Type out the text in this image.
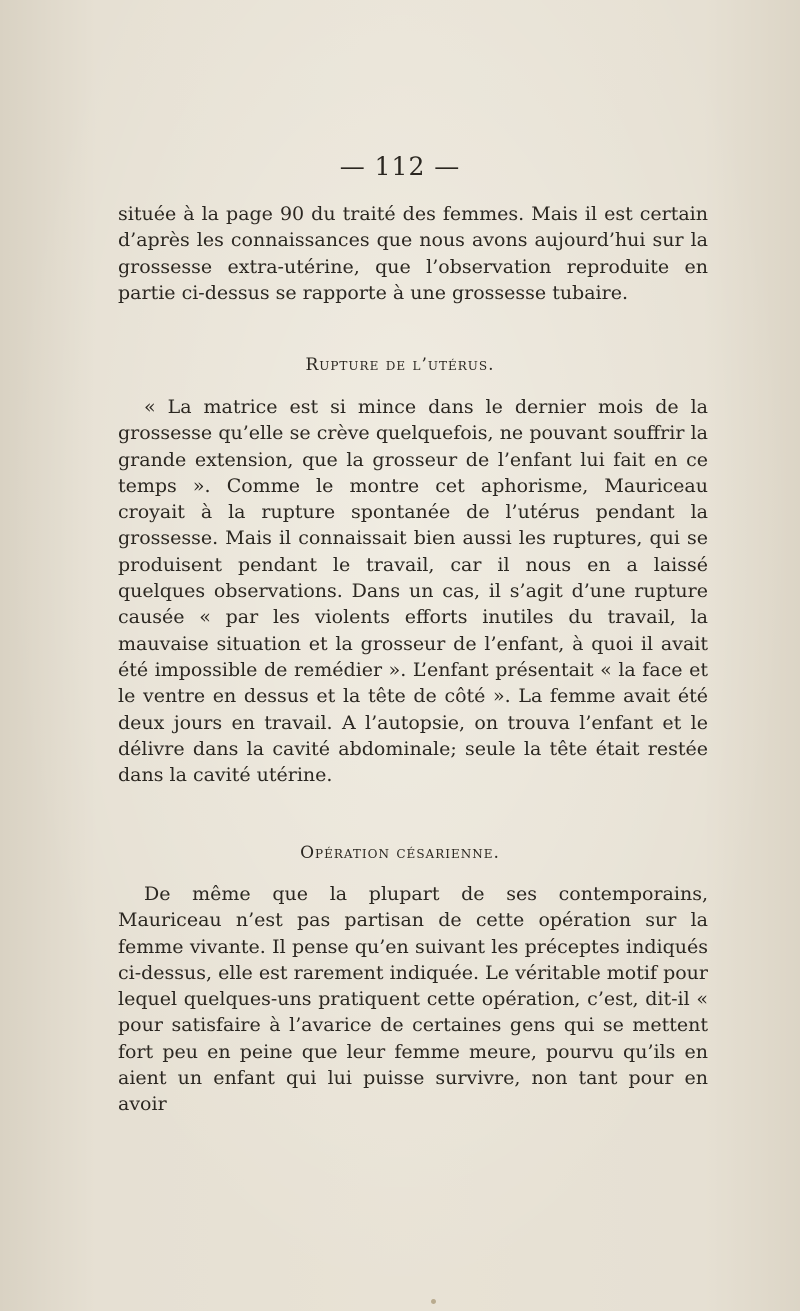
— 112 —

située à la page 90 du traité des femmes. Mais il est certain d’après les connaissances que nous avons aujourd’hui sur la grossesse extra-utérine, que l’observation reproduite en partie ci-dessus se rapporte à une grossesse tubaire.

Rupture de l’utérus.

« La matrice est si mince dans le dernier mois de la grossesse qu’elle se crève quelquefois, ne pouvant souffrir la grande extension, que la grosseur de l’enfant lui fait en ce temps ». Comme le montre cet aphorisme, Mauriceau croyait à la rupture spontanée de l’utérus pendant la grossesse. Mais il connaissait bien aussi les ruptures, qui se produisent pendant le travail, car il nous en a laissé quelques observations. Dans un cas, il s’agit d’une rupture causée « par les violents efforts inutiles du travail, la mauvaise situation et la grosseur de l’enfant, à quoi il avait été impossible de remédier ». L’enfant présentait « la face et le ventre en dessus et la tête de côté ». La femme avait été deux jours en travail. A l’autopsie, on trouva l’enfant et le délivre dans la cavité abdominale; seule la tête était restée dans la cavité utérine.

Opération césarienne.

De même que la plupart de ses contemporains, Mauriceau n’est pas partisan de cette opération sur la femme vivante. Il pense qu’en suivant les préceptes indiqués ci-dessus, elle est rarement indiquée. Le véritable motif pour lequel quelques-uns pratiquent cette opération, c’est, dit-il « pour satisfaire à l’avarice de certaines gens qui se mettent fort peu en peine que leur femme meure, pourvu qu’ils en aient un enfant qui lui puisse survivre, non tant pour en avoir
